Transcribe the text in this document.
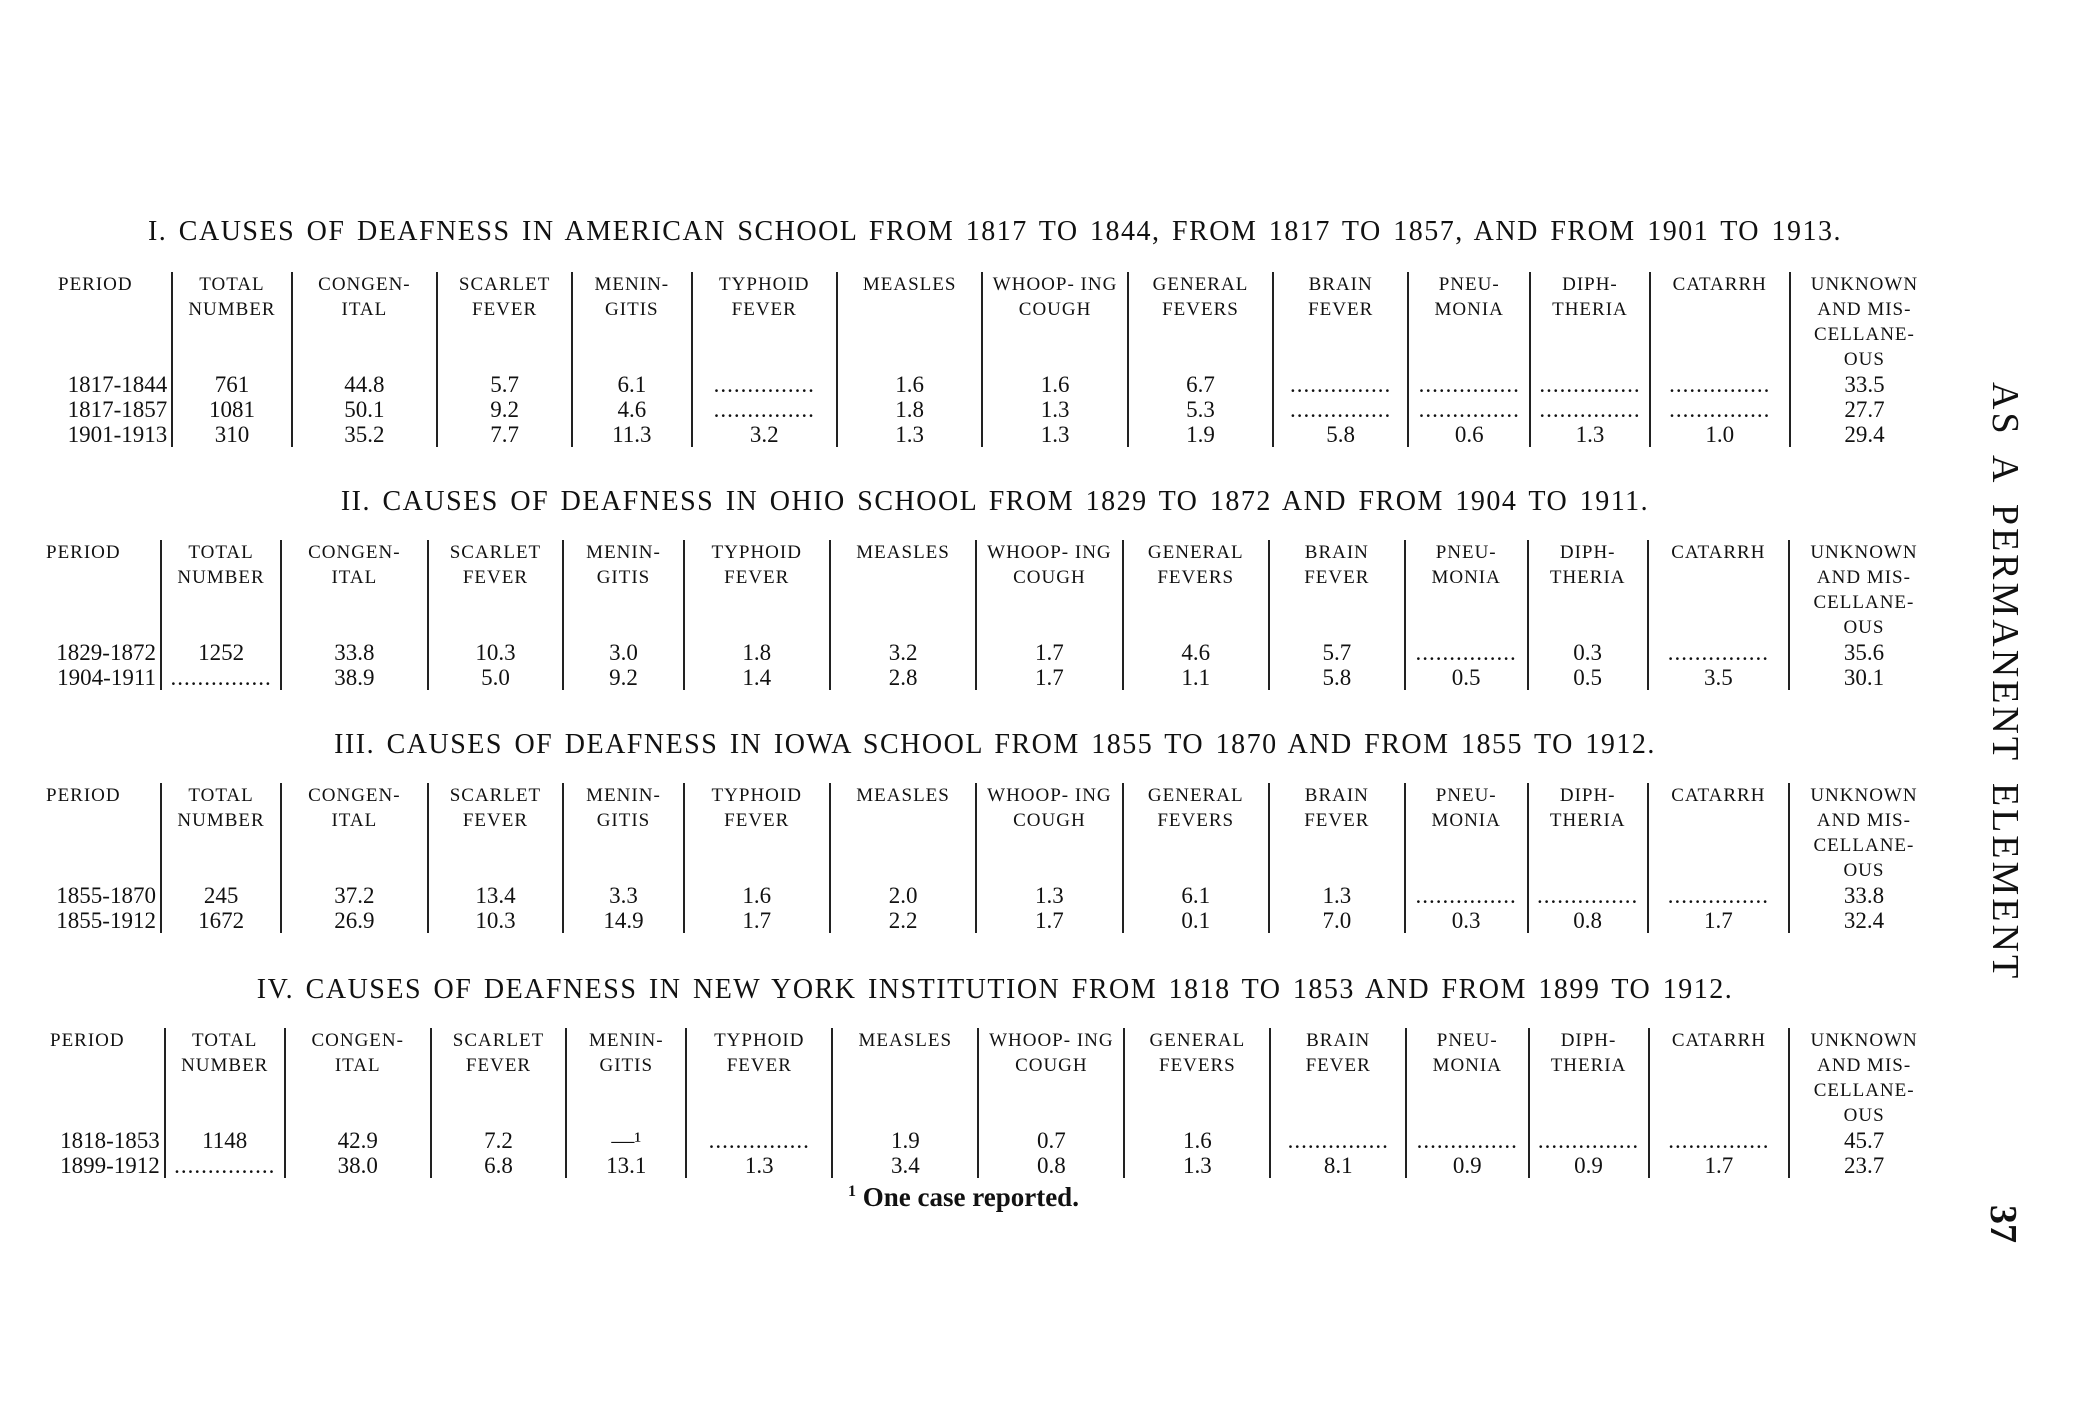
I. CAUSES OF DEAFNESS IN AMERICAN SCHOOL FROM 1817 TO 1844, FROM 1817 TO 1857, AND FROM 1901 TO 1913.
PERIOD	TOTAL NUMBER	CONGEN- ITAL	SCARLET FEVER	MENIN- GITIS	TYPHOID FEVER	MEASLES	WHOOP- ING COUGH	GENERAL FEVERS	BRAIN FEVER	PNEU- MONIA	DIPH- THERIA	CATARRH	UNKNOWN AND MIS- CELLANE- OUS
1817-1844	761	44.8	5.7	6.1	...............	1.6	1.6	6.7	...............	...............	...............	...............	33.5
1817-1857	1081	50.1	9.2	4.6	...............	1.8	1.3	5.3	...............	...............	...............	...............	27.7
1901-1913	310	35.2	7.7	11.3	3.2	1.3	1.3	1.9	5.8	0.6	1.3	1.0	29.4
II. CAUSES OF DEAFNESS IN OHIO SCHOOL FROM 1829 TO 1872 AND FROM 1904 TO 1911.
PERIOD	TOTAL NUMBER	CONGEN- ITAL	SCARLET FEVER	MENIN- GITIS	TYPHOID FEVER	MEASLES	WHOOP- ING COUGH	GENERAL FEVERS	BRAIN FEVER	PNEU- MONIA	DIPH- THERIA	CATARRH	UNKNOWN AND MIS- CELLANE- OUS
1829-1872	1252	33.8	10.3	3.0	1.8	3.2	1.7	4.6	5.7	...............	0.3	...............	35.6
1904-1911	...............	38.9	5.0	9.2	1.4	2.8	1.7	1.1	5.8	0.5	0.5	3.5	30.1
III. CAUSES OF DEAFNESS IN IOWA SCHOOL FROM 1855 TO 1870 AND FROM 1855 TO 1912.
PERIOD	TOTAL NUMBER	CONGEN- ITAL	SCARLET FEVER	MENIN- GITIS	TYPHOID FEVER	MEASLES	WHOOP- ING COUGH	GENERAL FEVERS	BRAIN FEVER	PNEU- MONIA	DIPH- THERIA	CATARRH	UNKNOWN AND MIS- CELLANE- OUS
1855-1870	245	37.2	13.4	3.3	1.6	2.0	1.3	6.1	1.3	...............	...............	...............	33.8
1855-1912	1672	26.9	10.3	14.9	1.7	2.2	1.7	0.1	7.0	0.3	0.8	1.7	32.4
IV. CAUSES OF DEAFNESS IN NEW YORK INSTITUTION FROM 1818 TO 1853 AND FROM 1899 TO 1912.
PERIOD	TOTAL NUMBER	CONGEN- ITAL	SCARLET FEVER	MENIN- GITIS	TYPHOID FEVER	MEASLES	WHOOP- ING COUGH	GENERAL FEVERS	BRAIN FEVER	PNEU- MONIA	DIPH- THERIA	CATARRH	UNKNOWN AND MIS- CELLANE- OUS
1818-1853	1148	42.9	7.2	—¹	...............	1.9	0.7	1.6	...............	...............	...............	...............	45.7
1899-1912	...............	38.0	6.8	13.1	1.3	3.4	0.8	1.3	8.1	0.9	0.9	1.7	23.7
$^1$ One case reported.
AS A PERMANENT ELEMENT
37
